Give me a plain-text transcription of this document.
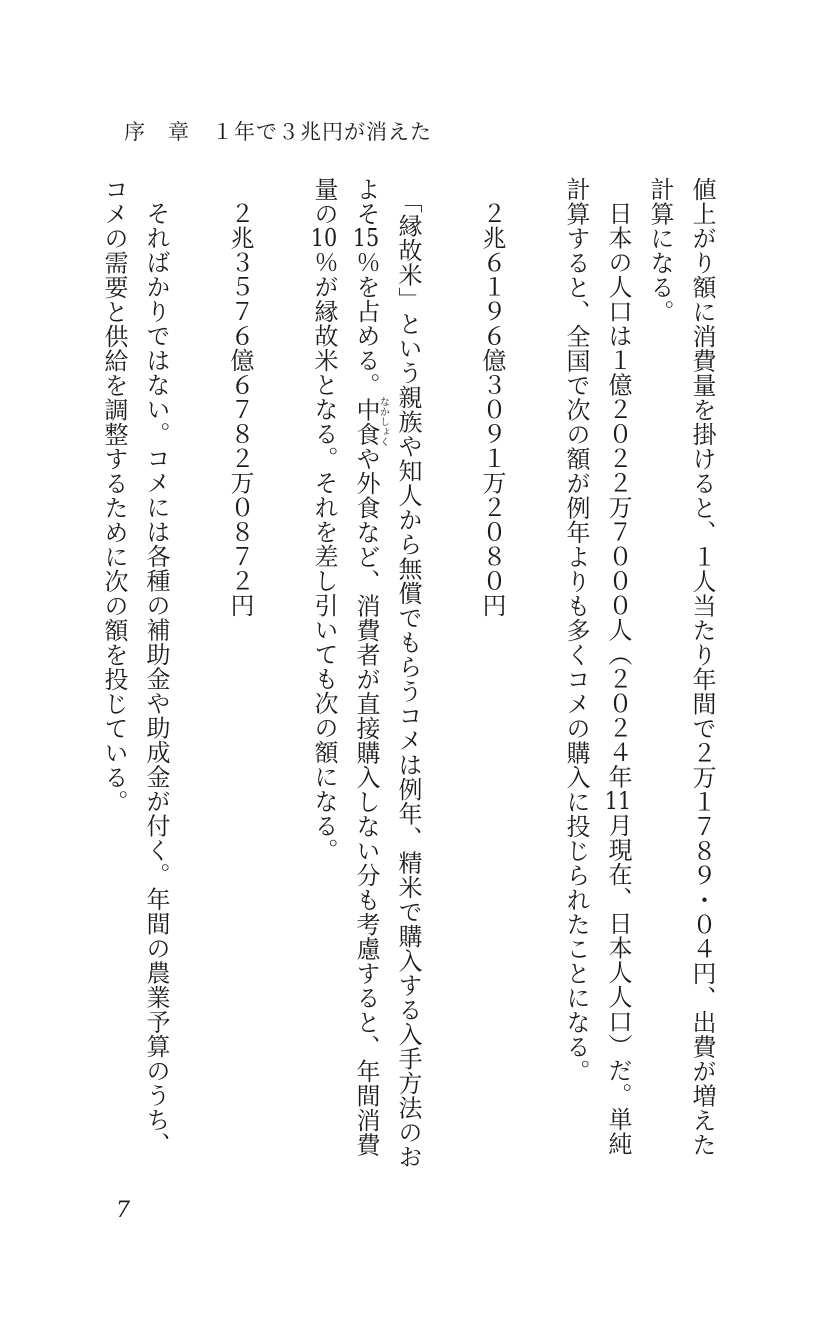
序　章　１年で３兆円が消えた

値上がり額に消費量を掛けると、１人当たり年間で２万１７８９・０４円、出費が増えた計算になる。

日本の人口は１億２０２２万７０００人（２０２４年11月現在、日本人人口）だ。単純計算すると、全国で次の額が例年よりも多くコメの購入に投じられたことになる。

２兆６１９６億３０９１万２０８０円

「縁故米」という親族や知人から無償でもらうコメは例年、精米で購入する入手方法のおよそ15％を占める。中食なかしょくや外食など、消費者が直接購入しない分も考慮すると、年間消費量の10％が縁故米となる。それを差し引いても次の額になる。

２兆３５７６億６７８２万０８７２円

そればかりではない。コメには各種の補助金や助成金が付く。年間の農業予算のうち、コメの需要と供給を調整するために次の額を投じている。

7
